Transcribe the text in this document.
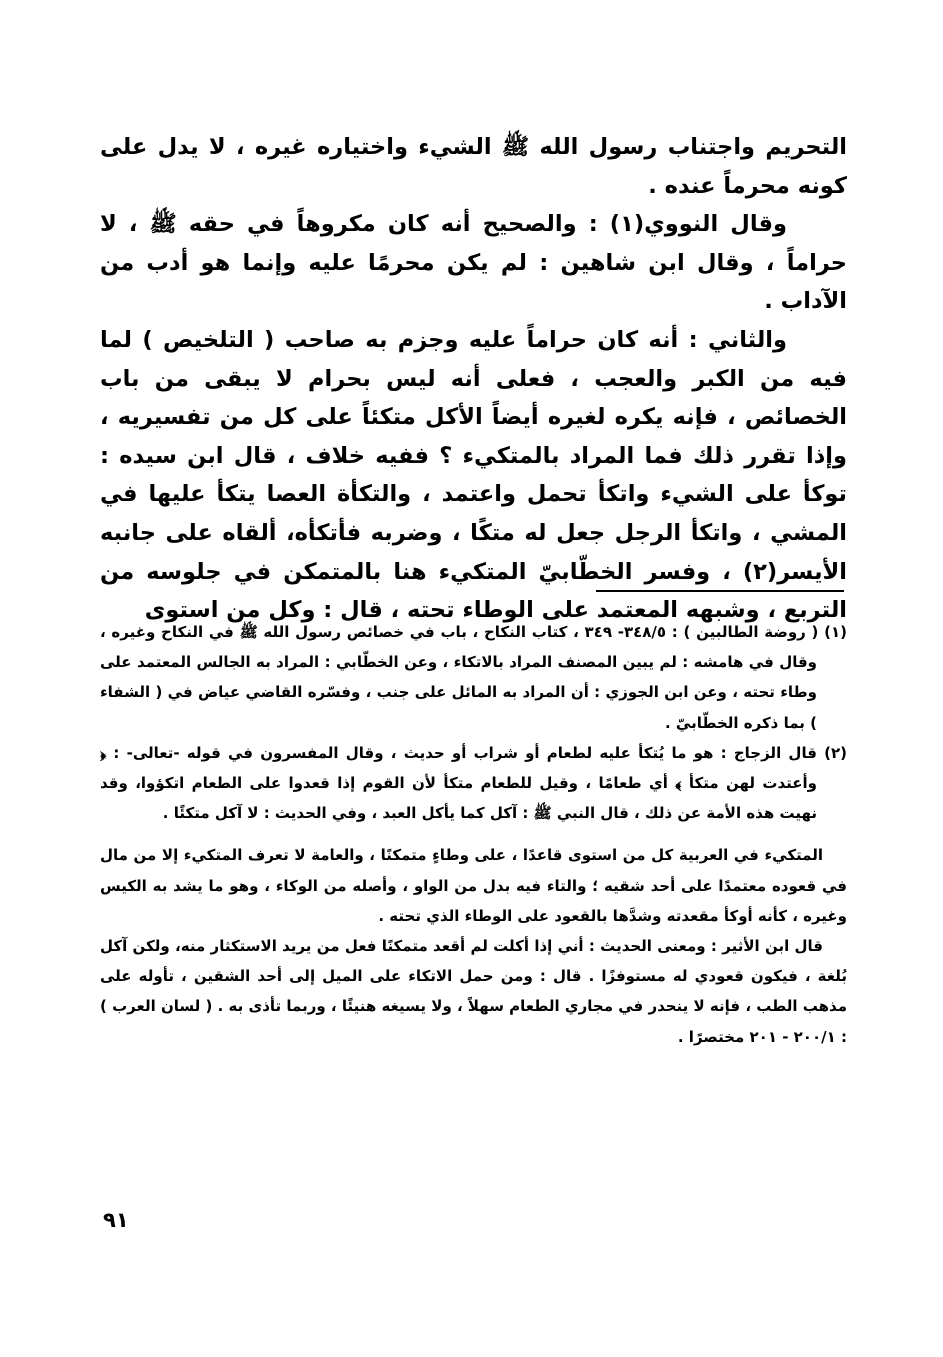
التحريم واجتناب رسول الله ﷺ الشيء واختياره غيره ، لا يدل على كونه محرماً عنده .

وقال النووي(١) : والصحيح أنه كان مكروهاً في حقه ﷺ ، لا حراماً ، وقال ابن شاهين : لم يكن محرمًا عليه وإنما هو أدب من الآداب .

والثاني : أنه كان حراماً عليه وجزم به صاحب ( التلخيص ) لما فيه من الكبر والعجب ، فعلى أنه ليس بحرام لا يبقى من باب الخصائص ، فإنه يكره لغيره أيضاً الأكل متكئاً على كل من تفسيريه ، وإذا تقرر ذلك فما المراد بالمتكيء ؟ ففيه خلاف ، قال ابن سيده : توكأ على الشيء واتكأ تحمل واعتمد ، والتكأة العصا يتكأ عليها في المشي ، واتكأ الرجل جعل له متكًا ، وضربه فأتكأه، ألقاه على جانبه الأيسر(٢) ، وفسر الخطّابيّ المتكيء هنا بالمتمكن في جلوسه من التربع ، وشبهه المعتمد على الوطاء تحته ، قال : وكل من استوى

(١) ( روضة الطالبين ) : ٣٤٨/٥- ٣٤٩ ، كتاب النكاح ، باب في خصائص رسول الله ﷺ في النكاح وغيره ، وقال في هامشه : لم يبين المصنف المراد بالاتكاء ، وعن الخطّابي : المراد به الجالس المعتمد على وطاء تحته ، وعن ابن الجوزي : أن المراد به المائل على جنب ، وفسّره القاضي عياض في ( الشفاء ) بما ذكره الخطّابيّ .

(٢) قال الزجاج : هو ما يُتكأ عليه لطعام أو شراب أو حديث ، وقال المفسرون في قوله -تعالى- : ﴿ وأعتدت لهن متكأ ﴾ أي طعامًا ، وقيل للطعام متكأ لأن القوم إذا قعدوا على الطعام اتكؤوا، وقد نهيت هذه الأمة عن ذلك ، قال النبي ﷺ : آكل كما يأكل العبد ، وفي الحديث : لا آكل متكئًا .

المتكيء في العربية كل من استوى قاعدًا ، على وطاءٍ متمكنًا ، والعامة لا تعرف المتكيء إلا من مال في قعوده معتمدًا على أحد شقيه ؛ والتاء فيه بدل من الواو ، وأصله من الوكاء ، وهو ما يشد به الكيس وغيره ، كأنه أوكأ مقعدته وشدَّها بالقعود على الوطاء الذي تحته .

قال ابن الأثير : ومعنى الحديث : أني إذا أكلت لم أقعد متمكنًا فعل من يريد الاستكثار منه، ولكن آكل بُلغة ، فيكون قعودي له مستوفزًا . قال : ومن حمل الاتكاء على الميل إلى أحد الشقين ، تأوله على مذهب الطب ، فإنه لا ينحدر في مجاري الطعام سهلاً ، ولا يسيغه هنيئًا ، وربما تأذى به . ( لسان العرب ) : ٢٠٠/١ - ٢٠١ مختصرًا .

٩١
